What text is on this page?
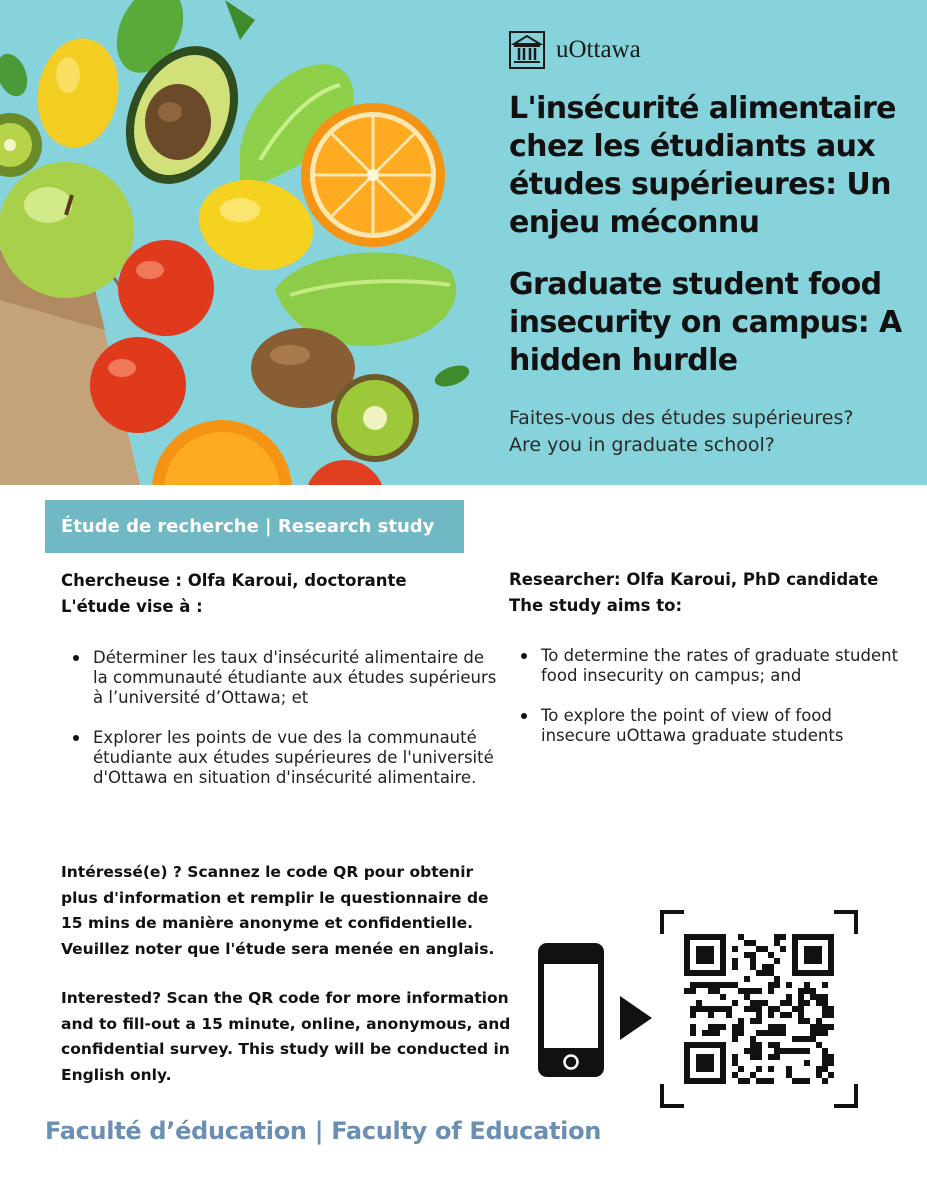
uOttawa
L'insécurité alimentaire chez les étudiants aux études supérieures: Un enjeu méconnu
Graduate student food insecurity on campus: A hidden hurdle

Faites-vous des études supérieures?

Are you in graduate school?

Étude de recherche | Research study
Chercheuse : Olfa Karoui, doctorante
L'étude vise à :
Déterminer les taux d'insécurité alimentaire de la communauté étudiante aux études supérieurs à l’université d’Ottawa; et
Explorer les points de vue des la communauté étudiante aux études supérieures de l'université d'Ottawa en situation d'insécurité alimentaire.
Researcher: Olfa Karoui, PhD candidate
The study aims to:
To determine the rates of graduate student food insecurity on campus; and
To explore the point of view of food insecure uOttawa graduate students

Intéressé(e) ? Scannez le code QR pour obtenir plus d'information et remplir le questionnaire de 15 mins de manière anonyme et confidentielle. Veuillez noter que l'étude sera menée en anglais.

Interested? Scan the QR code for more information and to fill-out a 15 minute, online, anonymous, and confidential survey. This study will be conducted in English only.

Faculté d’éducation | Faculty of Education
